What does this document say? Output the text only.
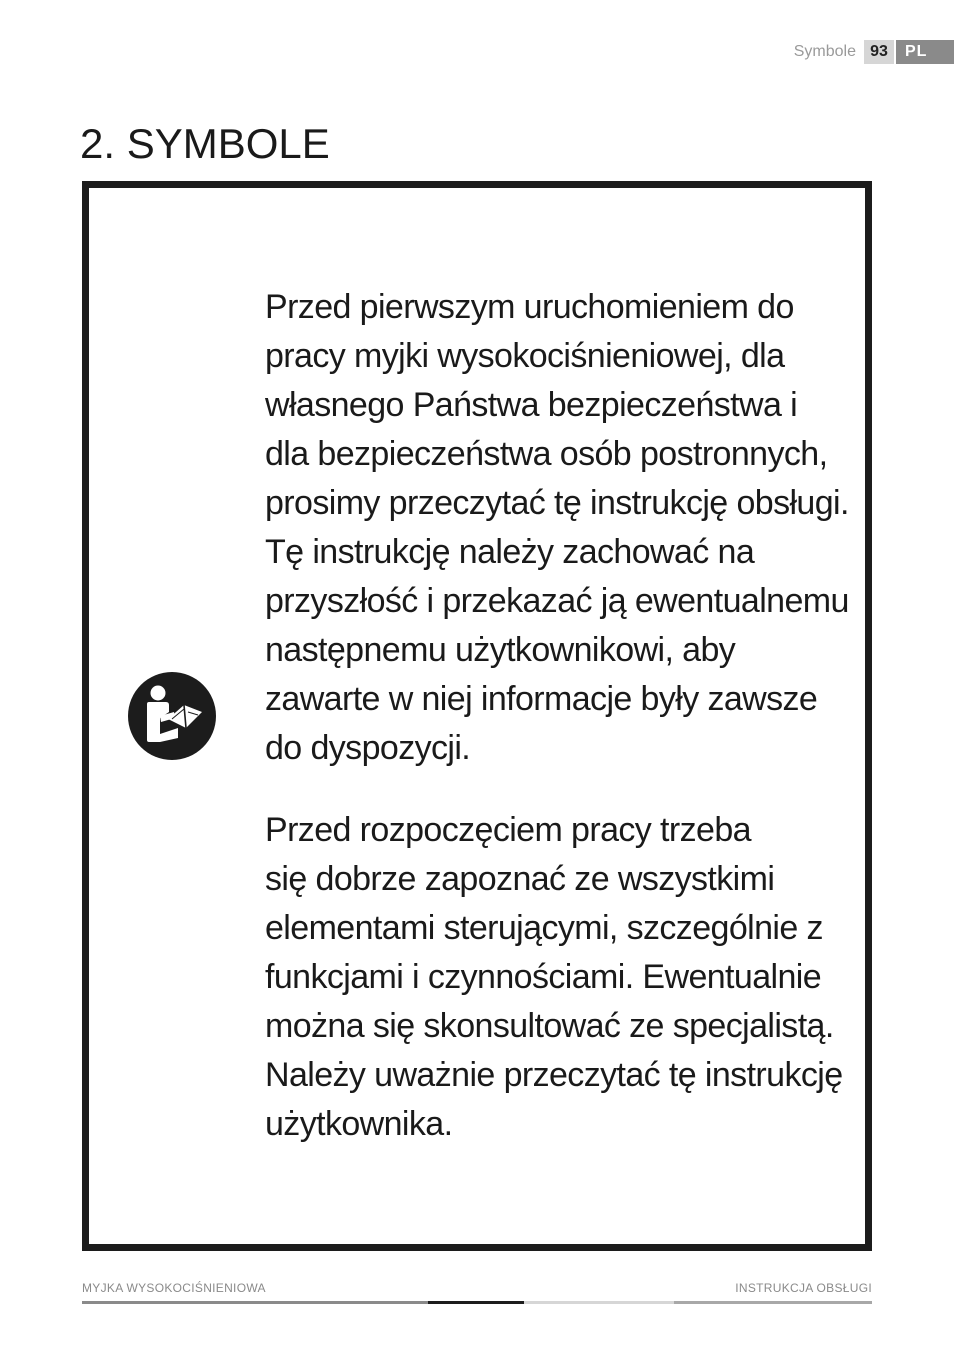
Symbole 93	PL
2. SYMBOLE
Przed pierwszym uruchomieniem do
pracy myjki wysokociśnieniowej, dla
własnego Państwa bezpieczeństwa i
dla bezpieczeństwa osób postronnych,
prosimy przeczytać tę instrukcję obsługi.
Tę instrukcję należy zachować na
przyszłość i przekazać ją ewentualnemu
następnemu użytkownikowi, aby
zawarte w niej informacje były zawsze
do dyspozycji.
Przed rozpoczęciem pracy trzeba
się dobrze zapoznać ze wszystkimi
elementami sterującymi, szczególnie z
funkcjami i czynnościami. Ewentualnie
można się skonsultować ze specjalistą.
Należy uważnie przeczytać tę instrukcję
użytkownika.
MYJKA WYSOKOCIŚNIENIOWA	INSTRUKCJA OBSŁUGI
